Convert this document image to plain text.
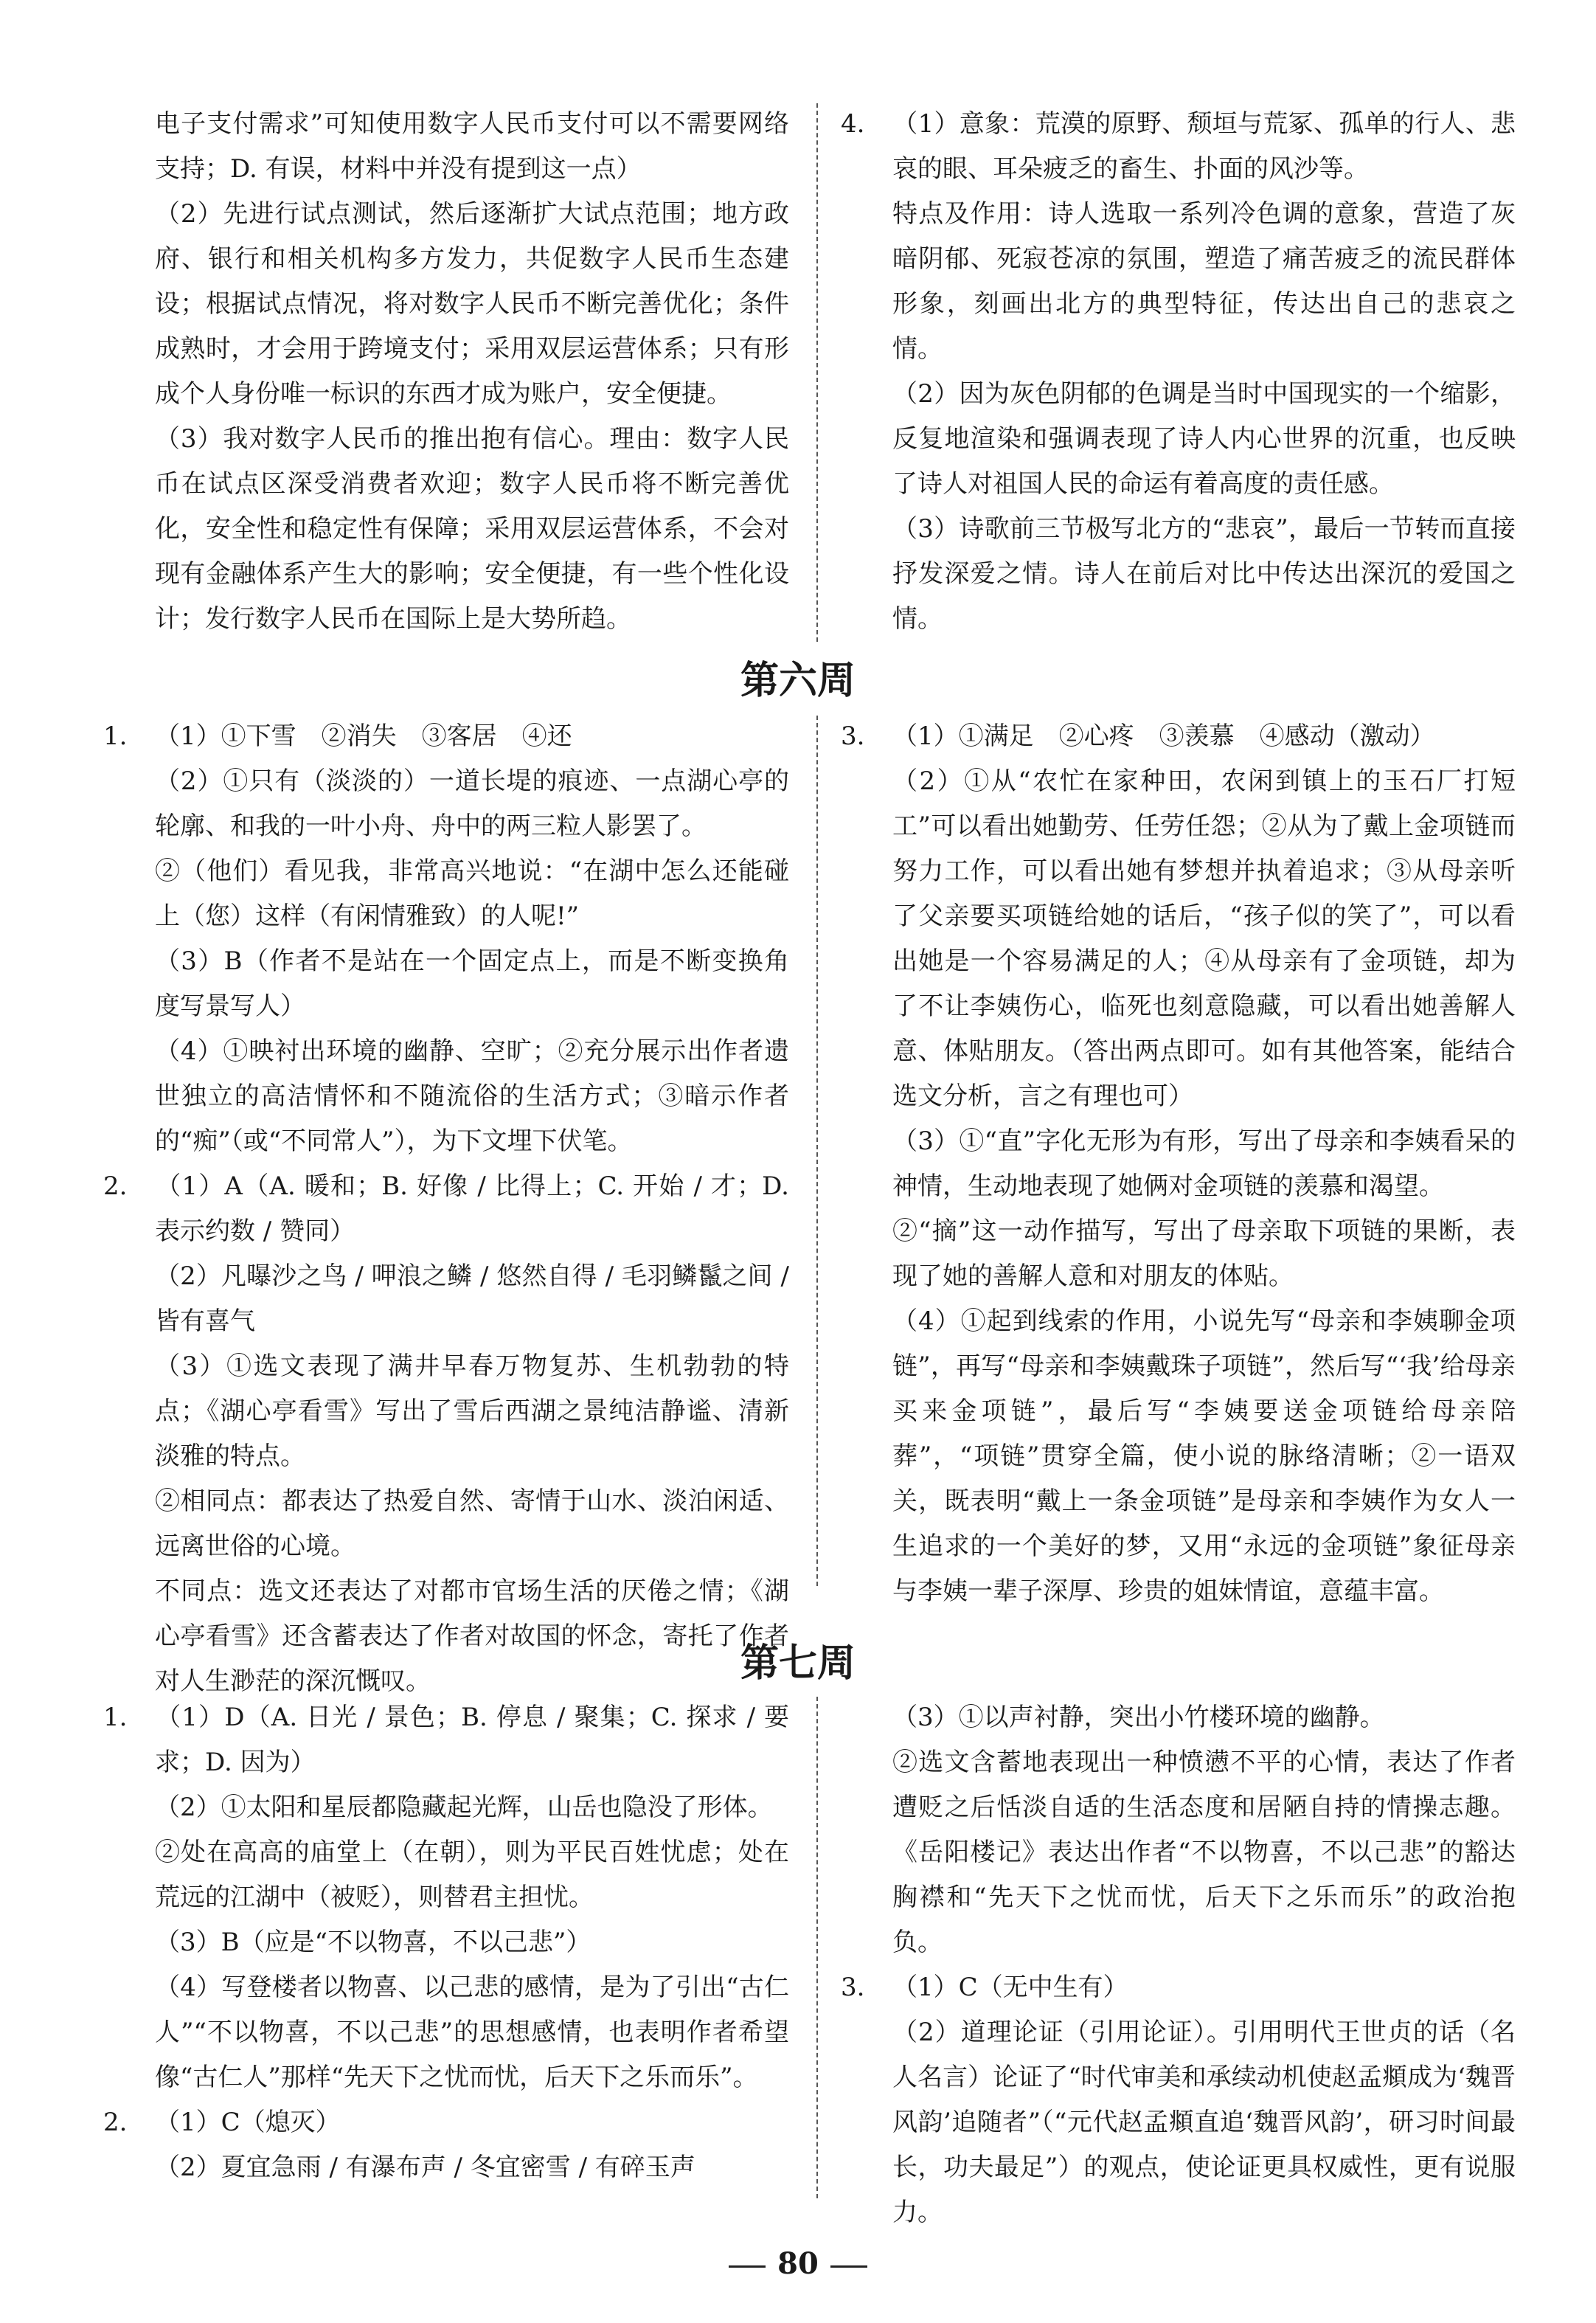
电子支付需求”可知使用数字人民币支付可以不需要网络支持；D. 有误，材料中并没有提到这一点）

（2）先进行试点测试，然后逐渐扩大试点范围；地方政府、银行和相关机构多方发力，共促数字人民币生态建设；根据试点情况，将对数字人民币不断完善优化；条件成熟时，才会用于跨境支付；采用双层运营体系；只有形成个人身份唯一标识的东西才成为账户，安全便捷。

（3）我对数字人民币的推出抱有信心。理由：数字人民币在试点区深受消费者欢迎；数字人民币将不断完善优化，安全性和稳定性有保障；采用双层运营体系，不会对现有金融体系产生大的影响；安全便捷，有一些个性化设计；发行数字人民币在国际上是大势所趋。

4. （1）意象：荒漠的原野、颓垣与荒冢、孤单的行人、悲哀的眼、耳朵疲乏的畜生、扑面的风沙等。

特点及作用：诗人选取一系列冷色调的意象，营造了灰暗阴郁、死寂苍凉的氛围，塑造了痛苦疲乏的流民群体形象，刻画出北方的典型特征，传达出自己的悲哀之情。

（2）因为灰色阴郁的色调是当时中国现实的一个缩影，反复地渲染和强调表现了诗人内心世界的沉重，也反映了诗人对祖国人民的命运有着高度的责任感。

（3）诗歌前三节极写北方的“悲哀”，最后一节转而直接抒发深爱之情。诗人在前后对比中传达出深沉的爱国之情。

第六周

1. （1）①下雪　②消失　③客居　④还

（2）①只有（淡淡的）一道长堤的痕迹、一点湖心亭的轮廓、和我的一叶小舟、舟中的两三粒人影罢了。

②（他们）看见我，非常高兴地说：“在湖中怎么还能碰上（您）这样（有闲情雅致）的人呢!”

（3）B（作者不是站在一个固定点上，而是不断变换角度写景写人）

（4）①映衬出环境的幽静、空旷；②充分展示出作者遗世独立的高洁情怀和不随流俗的生活方式；③暗示作者的“痴”（或“不同常人”），为下文埋下伏笔。

2. （1）A（A. 暖和；B. 好像 / 比得上；C. 开始 / 才；D. 表示约数 / 赞同）

（2）凡曝沙之鸟 / 呷浪之鳞 / 悠然自得 / 毛羽鳞鬣之间 / 皆有喜气

（3）①选文表现了满井早春万物复苏、生机勃勃的特点；《湖心亭看雪》写出了雪后西湖之景纯洁静谧、清新淡雅的特点。

②相同点：都表达了热爱自然、寄情于山水、淡泊闲适、远离世俗的心境。

不同点：选文还表达了对都市官场生活的厌倦之情；《湖心亭看雪》还含蓄表达了作者对故国的怀念，寄托了作者对人生渺茫的深沉慨叹。

3. （1）①满足　②心疼　③羡慕　④感动（激动）

（2）①从“农忙在家种田，农闲到镇上的玉石厂打短工”可以看出她勤劳、任劳任怨；②从为了戴上金项链而努力工作，可以看出她有梦想并执着追求；③从母亲听了父亲要买项链给她的话后，“孩子似的笑了”，可以看出她是一个容易满足的人；④从母亲有了金项链，却为了不让李姨伤心，临死也刻意隐藏，可以看出她善解人意、体贴朋友。（答出两点即可。如有其他答案，能结合选文分析，言之有理也可）

（3）①“直”字化无形为有形，写出了母亲和李姨看呆的神情，生动地表现了她俩对金项链的羡慕和渴望。

②“摘”这一动作描写，写出了母亲取下项链的果断，表现了她的善解人意和对朋友的体贴。

（4）①起到线索的作用，小说先写“母亲和李姨聊金项链”，再写“母亲和李姨戴珠子项链”，然后写“‘我’给母亲买来金项链”，最后写“李姨要送金项链给母亲陪葬”，“项链”贯穿全篇，使小说的脉络清晰；②一语双关，既表明“戴上一条金项链”是母亲和李姨作为女人一生追求的一个美好的梦，又用“永远的金项链”象征母亲与李姨一辈子深厚、珍贵的姐妹情谊，意蕴丰富。

第七周

1. （1）D（A. 日光 / 景色；B. 停息 / 聚集；C. 探求 / 要求；D. 因为）

（2）①太阳和星辰都隐藏起光辉，山岳也隐没了形体。

②处在高高的庙堂上（在朝），则为平民百姓忧虑；处在荒远的江湖中（被贬），则替君主担忧。

（3）B（应是“不以物喜，不以己悲”）

（4）写登楼者以物喜、以己悲的感情，是为了引出“古仁人”“不以物喜，不以己悲”的思想感情，也表明作者希望像“古仁人”那样“先天下之忧而忧，后天下之乐而乐”。

2. （1）C（熄灭）

（2）夏宜急雨 / 有瀑布声 / 冬宜密雪 / 有碎玉声

（3）①以声衬静，突出小竹楼环境的幽静。

②选文含蓄地表现出一种愤懑不平的心情，表达了作者遭贬之后恬淡自适的生活态度和居陋自持的情操志趣。《岳阳楼记》表达出作者“不以物喜，不以己悲”的豁达胸襟和“先天下之忧而忧，后天下之乐而乐”的政治抱负。

3. （1）C（无中生有）

（2）道理论证（引用论证）。引用明代王世贞的话（名人名言）论证了“时代审美和承续动机使赵孟頫成为‘魏晋风韵’追随者”（“元代赵孟頫直追‘魏晋风韵’，研习时间最长，功夫最足”）的观点，使论证更具权威性，更有说服力。

80
